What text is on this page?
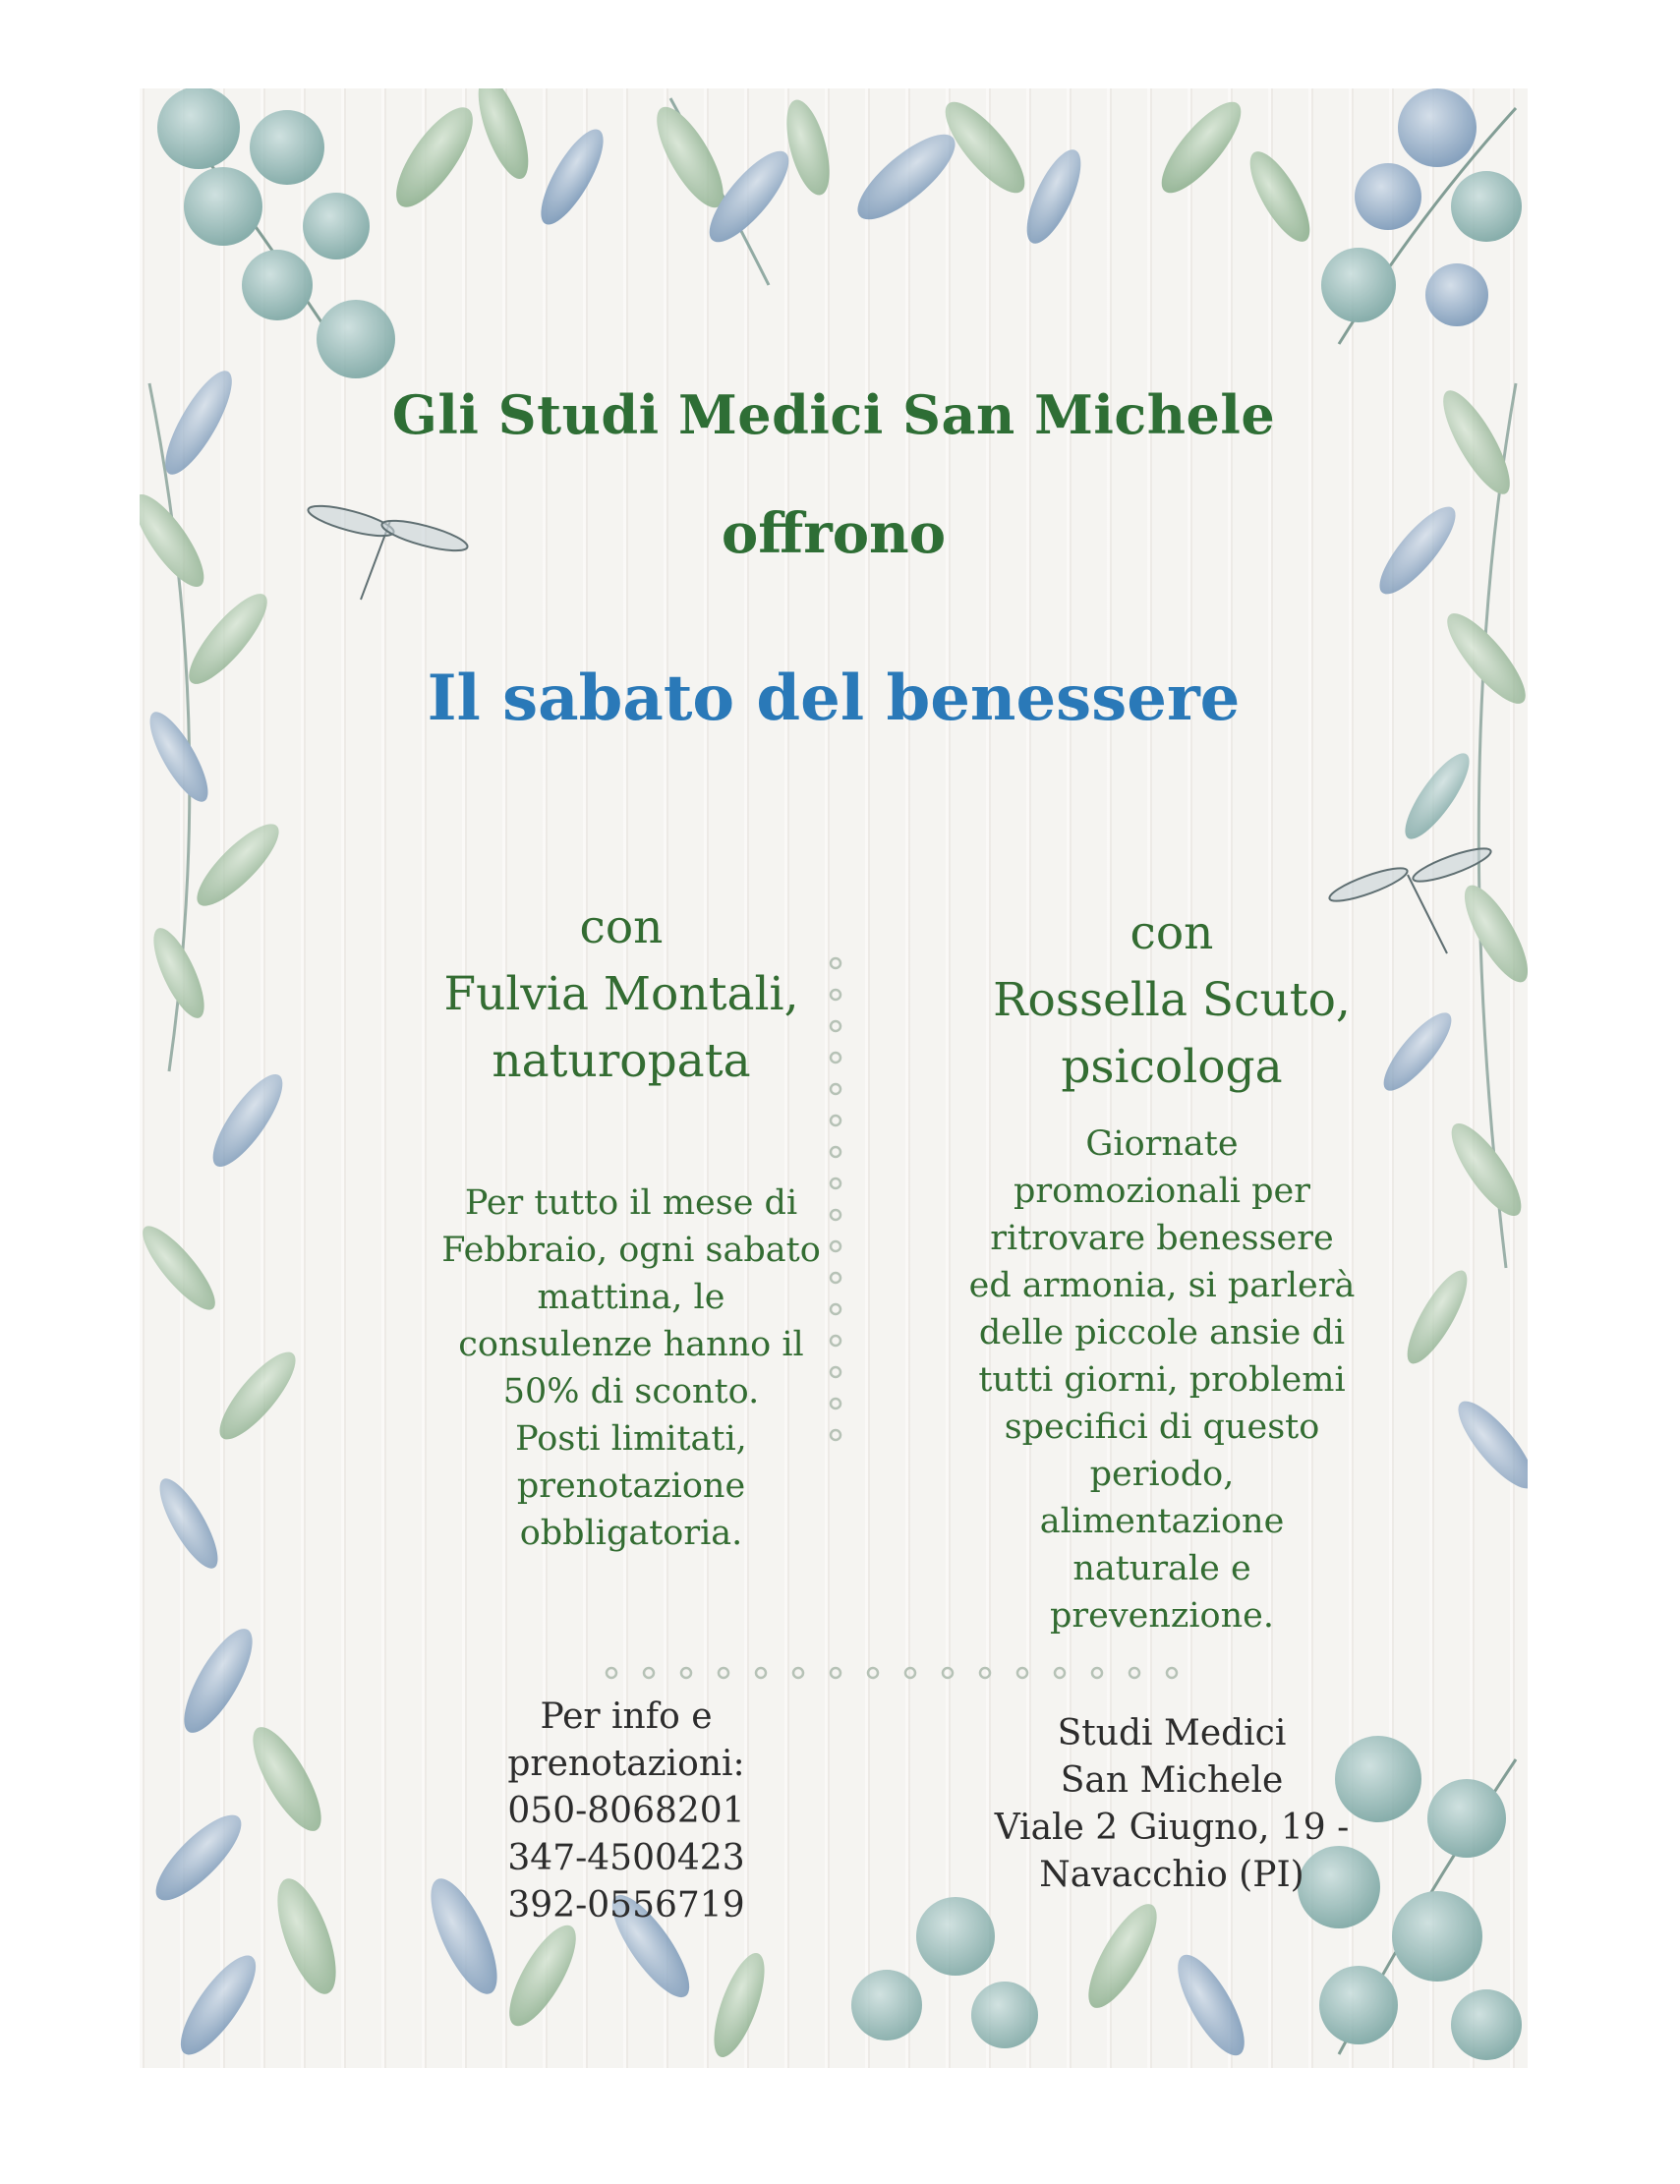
Gli Studi Medici San Michele
offrono
Il sabato del benessere
con
Fulvia Montali,
naturopata
con
Rossella Scuto,
psicologa
Per tutto il mese di
Febbraio, ogni sabato
mattina, le
consulenze hanno il
50% di sconto.
Posti limitati,
prenotazione
obbligatoria.
Giornate
promozionali per
ritrovare benessere
ed armonia, si parlerà
delle piccole ansie di
tutti giorni, problemi
specifici di questo
periodo,
alimentazione
naturale e
prevenzione.
Per info e
prenotazioni:
050-8068201
347-4500423
392-0556719
Studi Medici
San Michele
Viale 2 Giugno, 19 -
Navacchio (PI)
